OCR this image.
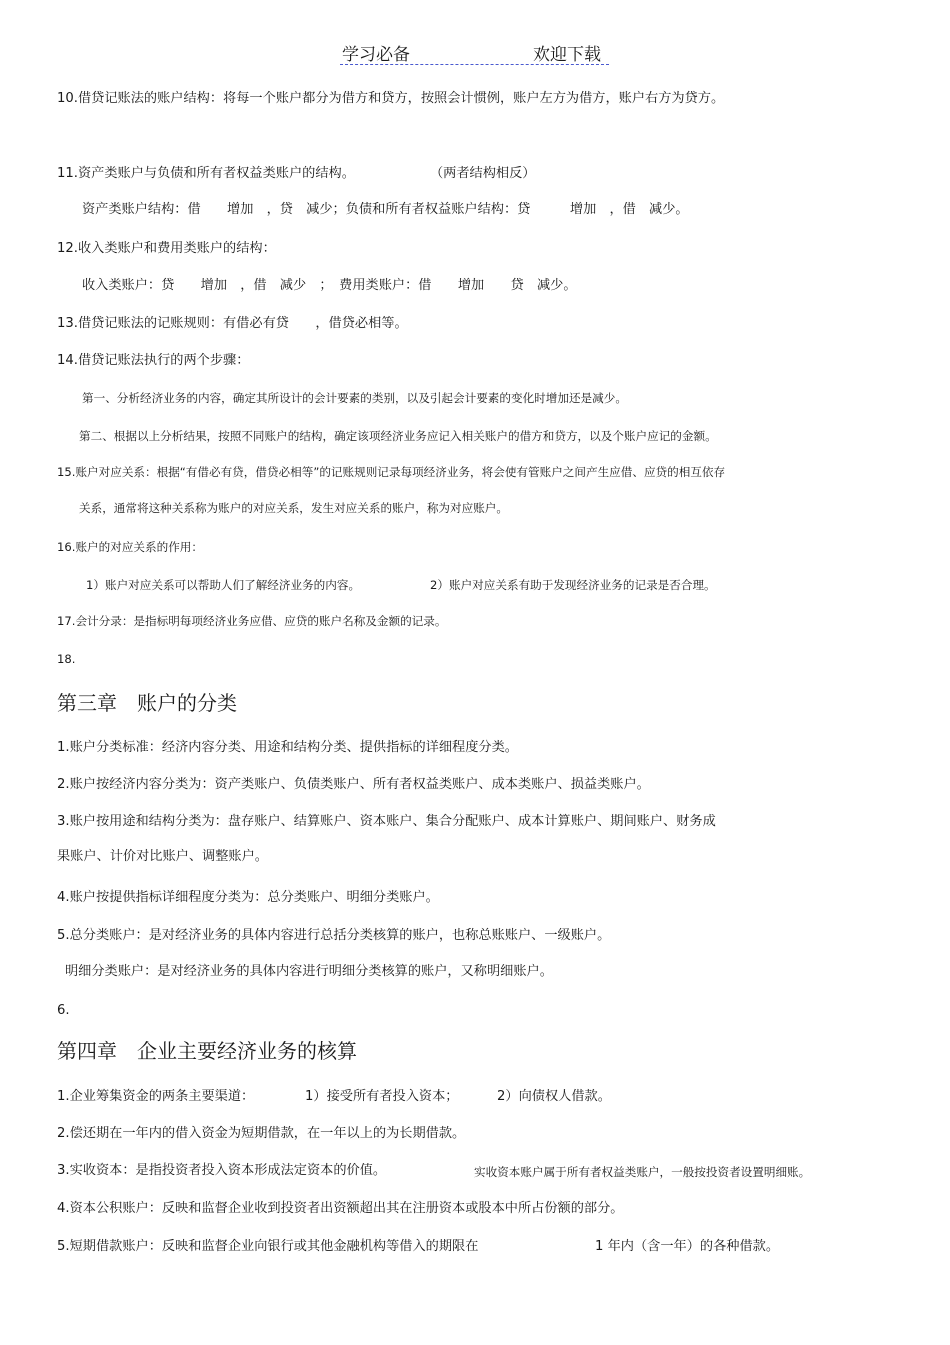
学习必备	欢迎下载
10.借贷记账法的账户结构：将每一个账户都分为借方和贷方，按照会计惯例，账户左方为借方，账户右方为贷方。
11.资产类账户与负债和所有者权益类账户的结构。	（两者结构相反）
资产类账户结构：借　　增加　，贷　减少；负债和所有者权益账户结构：贷　　　增加　，借　减少。
12.收入类账户和费用类账户的结构：
收入类账户：贷　　增加　，借　减少　；　费用类账户：借　　增加　　贷　减少。
13.借贷记账法的记账规则：有借必有贷　　，借贷必相等。
14.借贷记账法执行的两个步骤：
第一、分析经济业务的内容，确定其所设计的会计要素的类别，以及引起会计要素的变化时增加还是减少。
第二、根据以上分析结果，按照不同账户的结构，确定该项经济业务应记入相关账户的借方和贷方，以及个账户应记的金额。
15.账户对应关系：根据“有借必有贷，借贷必相等”的记账规则记录每项经济业务，将会使有管账户之间产生应借、应贷的相互依存
关系，通常将这种关系称为账户的对应关系，发生对应关系的账户，称为对应账户。
16.账户的对应关系的作用：
1）账户对应关系可以帮助人们了解经济业务的内容。	2）账户对应关系有助于发现经济业务的记录是否合理。
17.会计分录：是指标明每项经济业务应借、应贷的账户名称及金额的记录。
18.
第三章　账户的分类
1.账户分类标准：经济内容分类、用途和结构分类、提供指标的详细程度分类。
2.账户按经济内容分类为：资产类账户、负债类账户、所有者权益类账户、成本类账户、损益类账户。
3.账户按用途和结构分类为：盘存账户、结算账户、资本账户、集合分配账户、成本计算账户、期间账户、财务成
果账户、计价对比账户、调整账户。
4.账户按提供指标详细程度分类为：总分类账户、明细分类账户。
5.总分类账户：是对经济业务的具体内容进行总括分类核算的账户，也称总账账户、一级账户。
明细分类账户：是对经济业务的具体内容进行明细分类核算的账户，又称明细账户。
6.
第四章　企业主要经济业务的核算
1.企业筹集资金的两条主要渠道：	1）接受所有者投入资本；	2）向债权人借款。
2.偿还期在一年内的借入资金为短期借款，在一年以上的为长期借款。
3.实收资本：是指投资者投入资本形成法定资本的价值。	实收资本账户属于所有者权益类账户，一般按投资者设置明细账。
4.资本公积账户：反映和监督企业收到投资者出资额超出其在注册资本或股本中所占份额的部分。
5.短期借款账户：反映和监督企业向银行或其他金融机构等借入的期限在	1 年内（含一年）的各种借款。
